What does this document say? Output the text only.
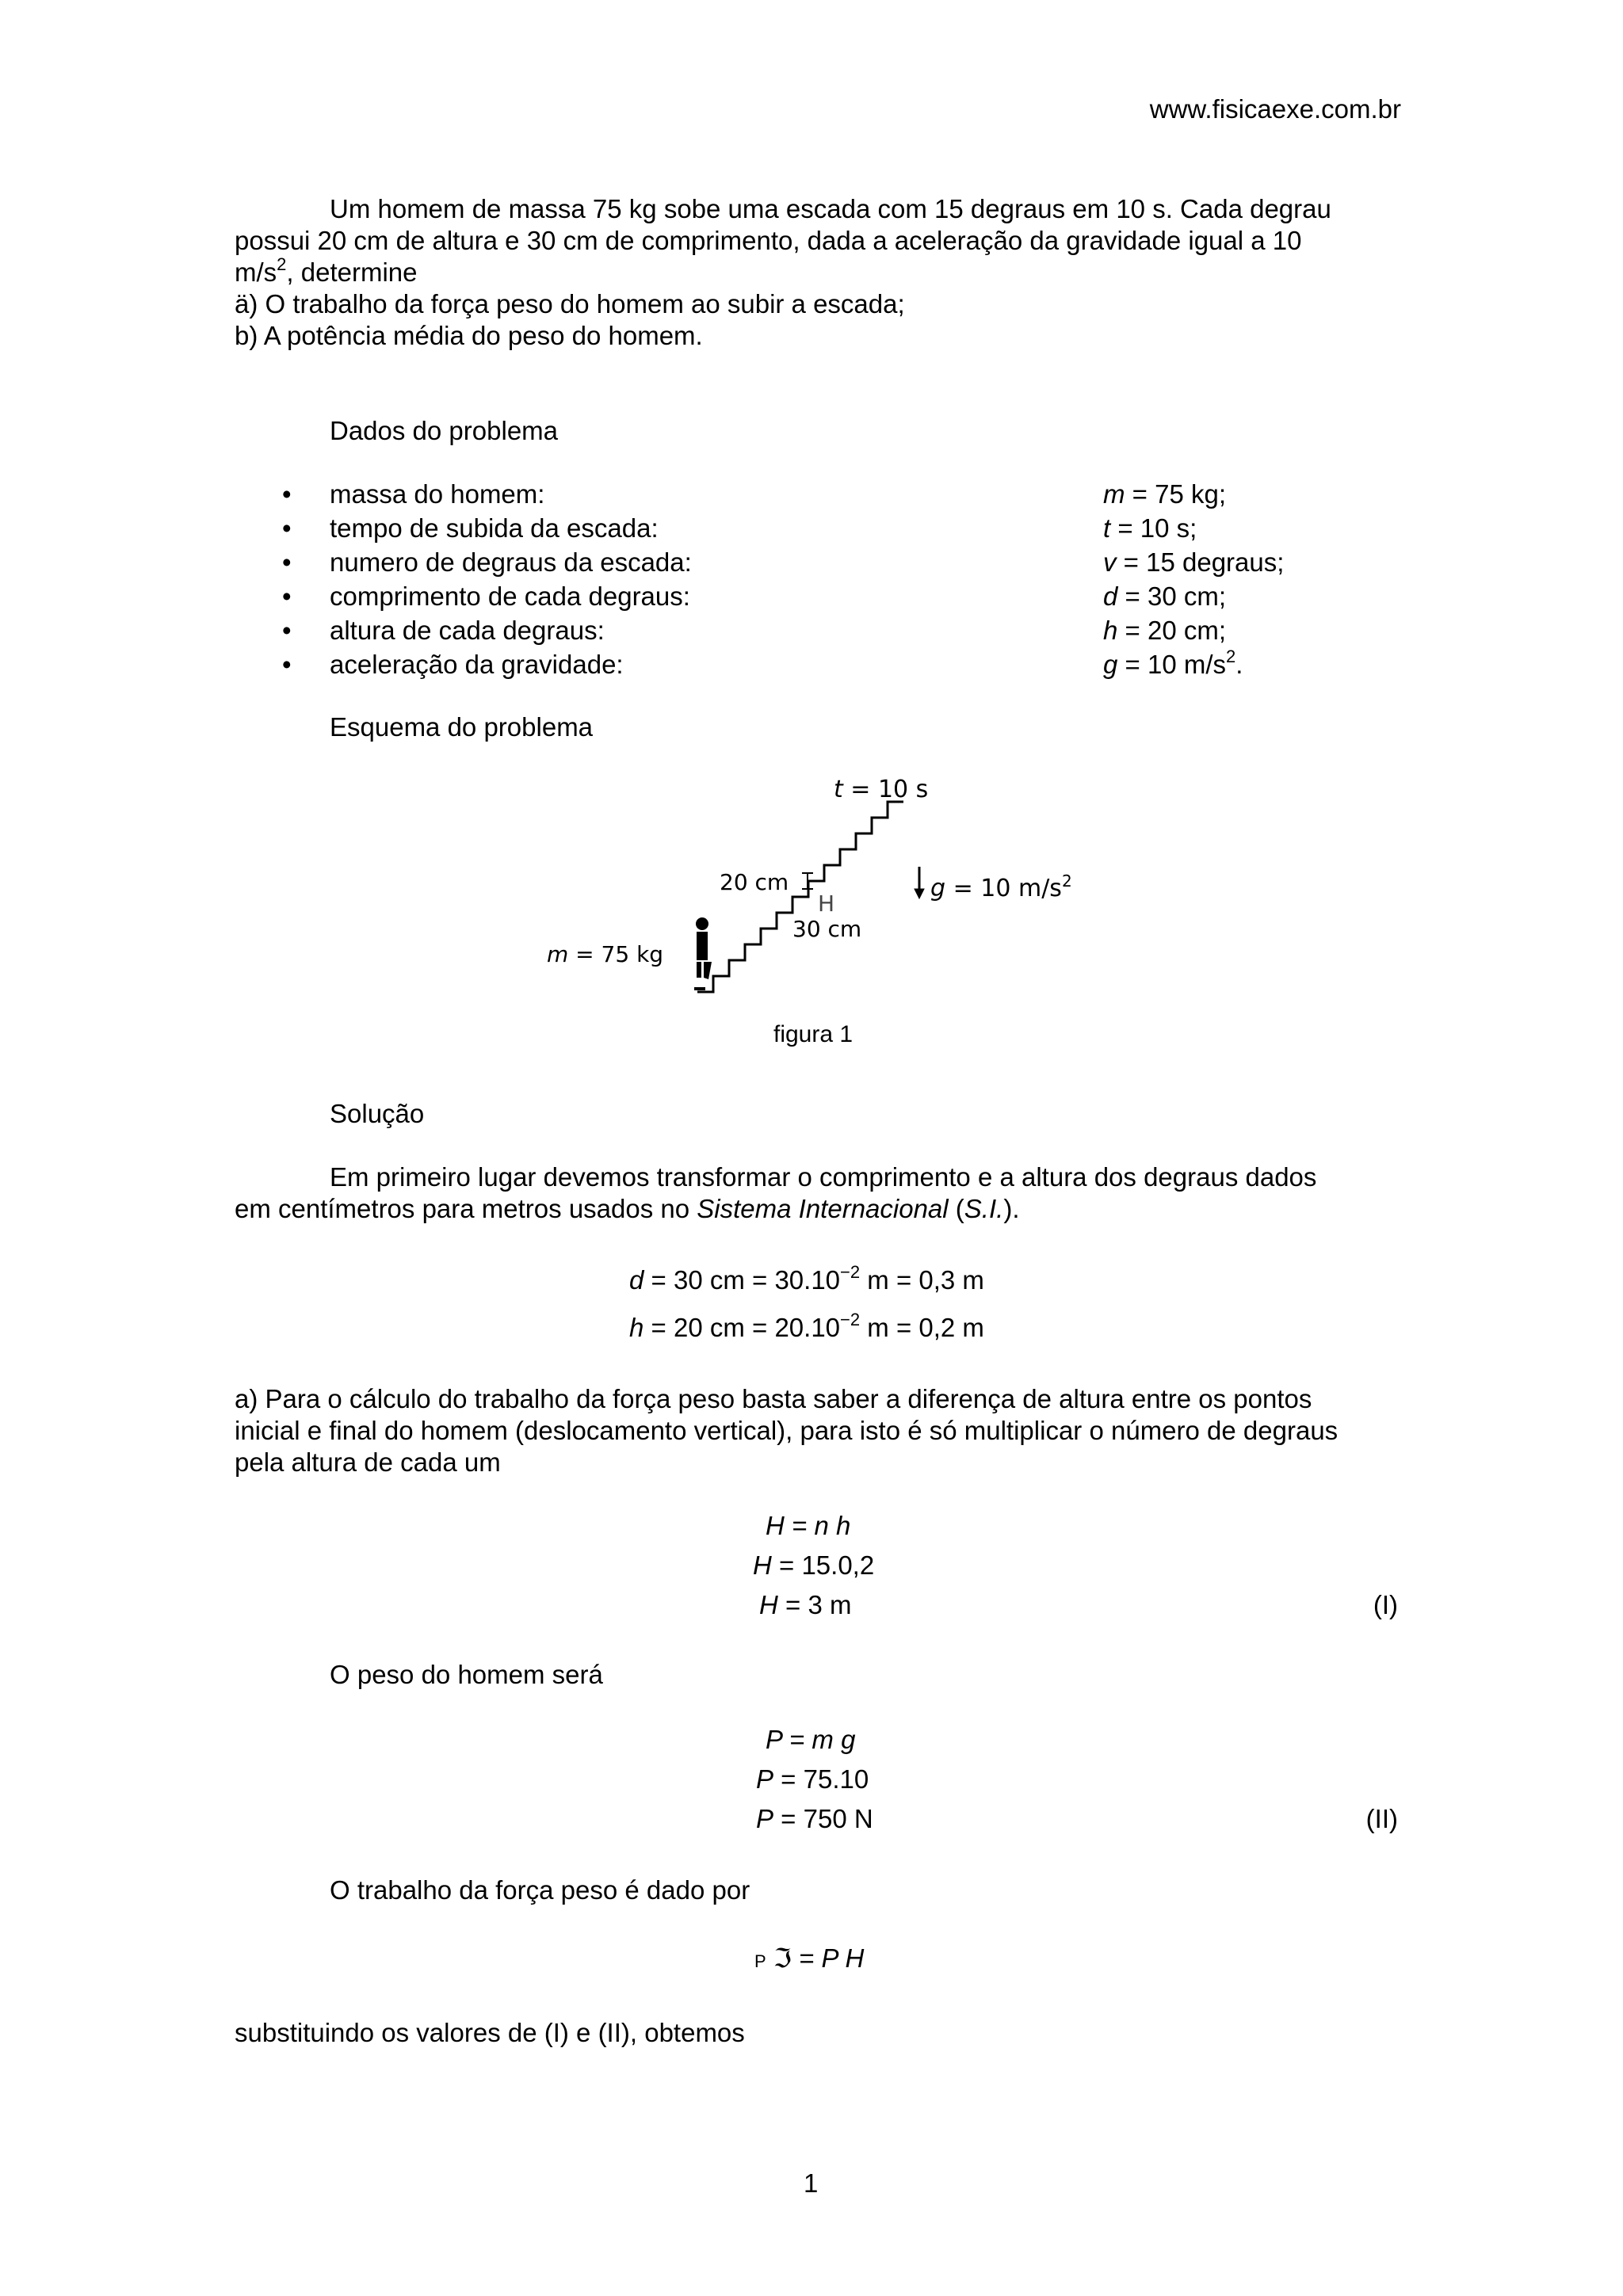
www.fisicaexe.com.br
Um homem de massa 75 kg sobe uma escada com 15 degraus em 10 s. Cada degrau
possui 20 cm de altura e 30 cm de comprimento, dada a aceleração da gravidade igual a 10
$m/s^2$, determine
ä) O trabalho da força peso do homem ao subir a escada;
b) A potência média do peso do homem.
Dados do problema
• massa do homem:	m = 75 kg;
• tempo de subida da escada:	t = 10 s;
• numero de degraus da escada:	v = 15 degraus;
• comprimento de cada degraus:	d = 30 cm;
• altura de cada degraus:	h = 20 cm;
• aceleração da gravidade:	g = 10 $m/s^2$.
Esquema do problema
t = 10 s
20 cm
H
30 cm
g = 10 $m/s^2$
m = 75 kg
figura 1
Solução
Em primeiro lugar devemos transformar o comprimento e a altura dos degraus dados
em centímetros para metros usados no Sistema Internacional (S.I.).
d = 30 cm = $30.10^{-2}$ m = 0,3 m
h = 20 cm = $20.10^{-2}$ m = 0,2 m
a) Para o cálculo do trabalho da força peso basta saber a diferença de altura entre os pontos
inicial e final do homem (deslocamento vertical), para isto é só multiplicar o número de degraus
pela altura de cada um
H = n h
H = 15.0,2
H = 3 m	(I)
O peso do homem será
P = m g
P = 75.10
P = 750 N	(II)
O trabalho da força peso é dado por
P ℑ = P H
substituindo os valores de (I) e (II), obtemos
1
